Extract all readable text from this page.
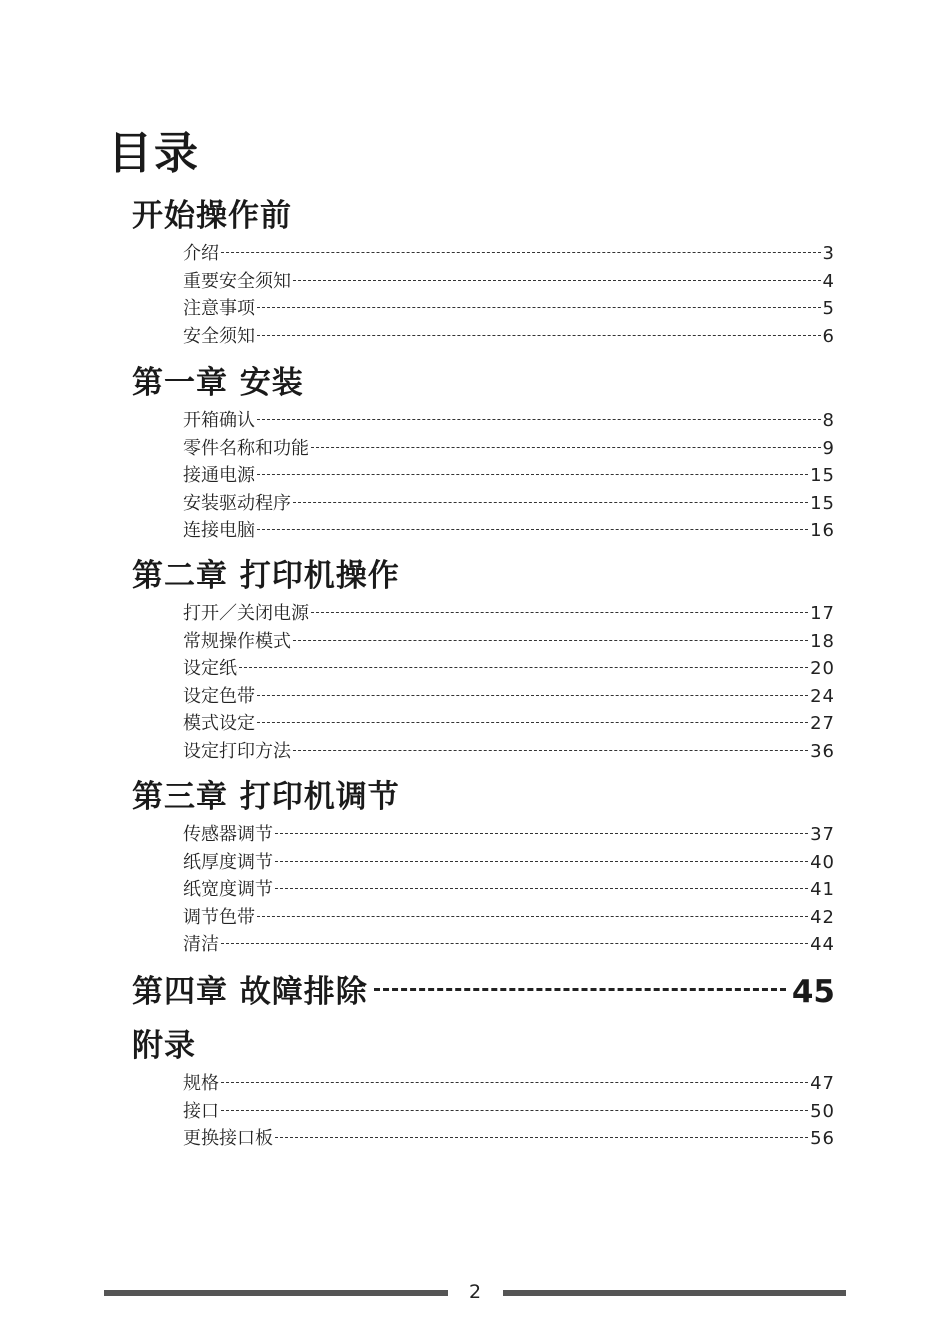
目录
开始操作前
介绍	3
重要安全须知	4
注意事项	5
安全须知	6
第一章 安装
开箱确认	8
零件名称和功能	9
接通电源	15
安装驱动程序	15
连接电脑	16
第二章 打印机操作
打开／关闭电源	17
常规操作模式	18
设定纸	20
设定色带	24
模式设定	27
设定打印方法	36
第三章 打印机调节
传感器调节	37
纸厚度调节	40
纸宽度调节	41
调节色带	42
清洁	44
第四章 故障排除	45
附录
规格	47
接口	50
更换接口板	56
2
